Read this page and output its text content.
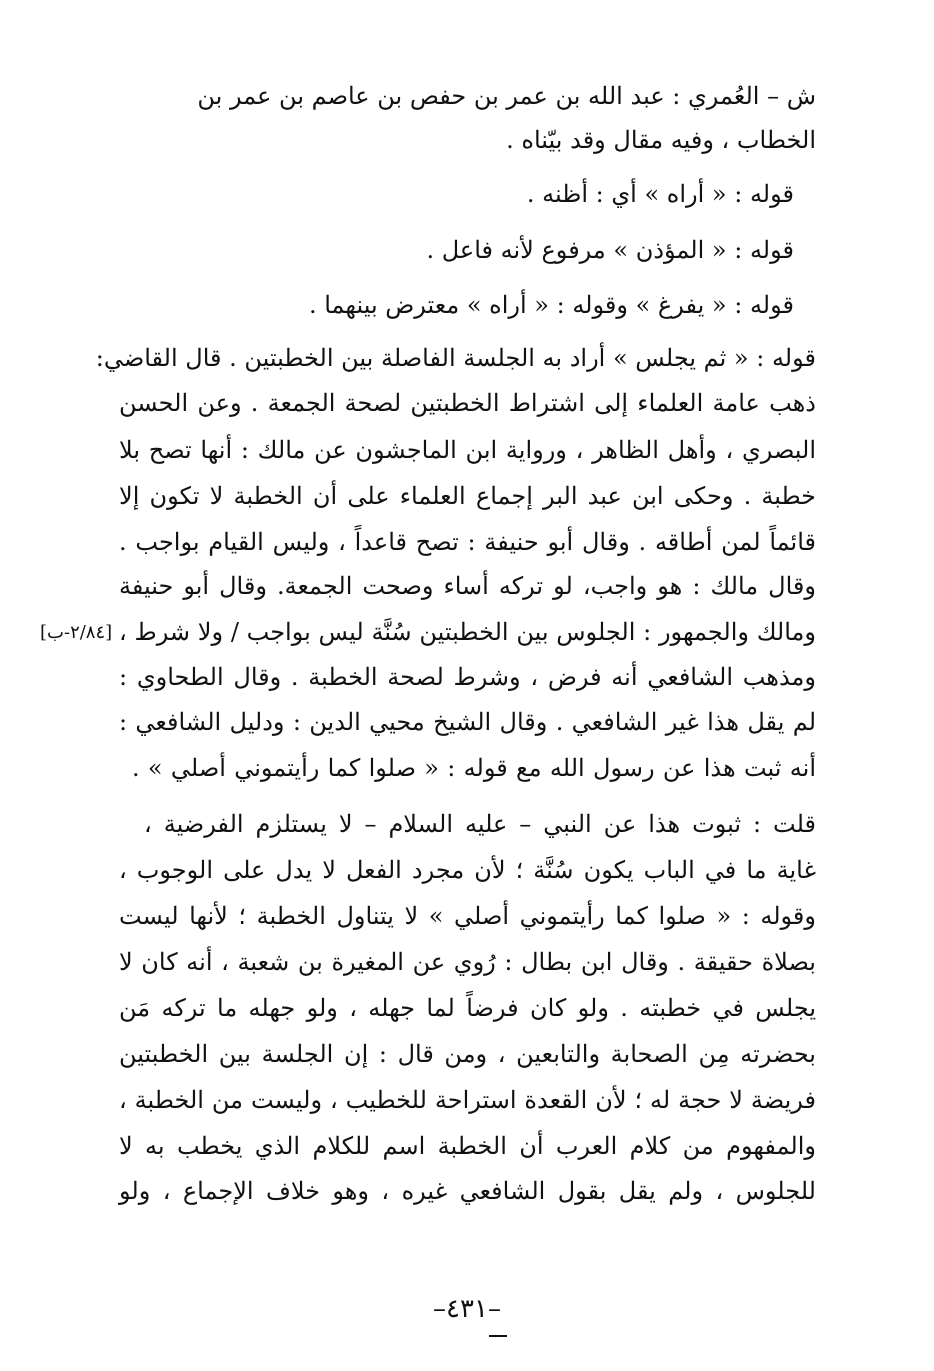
ش – العُمري : عبد الله بن عمر بن حفص بن عاصم بن عمر بن
الخطاب ، وفيه مقال وقد بيّناه .
قوله : « أراه » أي : أظنه .
قوله : « المؤذن » مرفوع لأنه فاعل .
قوله : « يفرغ » وقوله : « أراه » معترض بينهما .
قوله : « ثم يجلس » أراد به الجلسة الفاصلة بين الخطبتين . قال القاضي:
ذهب عامة العلماء إلى اشتراط الخطبتين لصحة الجمعة . وعن الحسن
البصري ، وأهل الظاهر ، ورواية ابن الماجشون عن مالك : أنها تصح بلا
خطبة . وحكى ابن عبد البر إجماع العلماء على أن الخطبة لا تكون إلا
قائماً لمن أطاقه . وقال أبو حنيفة : تصح قاعداً ، وليس القيام بواجب .
وقال مالك : هو واجب، لو تركه أساء وصحت الجمعة. وقال أبو حنيفة
ومالك والجمهور : الجلوس بين الخطبتين سُنَّة ليس بواجب / ولا شرط ،
[٢/٨٤-ب]
ومذهب الشافعي أنه فرض ، وشرط لصحة الخطبة . وقال الطحاوي :
لم يقل هذا غير الشافعي . وقال الشيخ محيي الدين : ودليل الشافعي :
أنه ثبت هذا عن رسول الله مع قوله : « صلوا كما رأيتموني أصلي » .
قلت : ثبوت هذا عن النبي – عليه السلام – لا يستلزم الفرضية ،
غاية ما في الباب يكون سُنَّة ؛ لأن مجرد الفعل لا يدل على الوجوب ،
وقوله : « صلوا كما رأيتموني أصلي » لا يتناول الخطبة ؛ لأنها ليست
بصلاة حقيقة . وقال ابن بطال : رُوي عن المغيرة بن شعبة ، أنه كان لا
يجلس في خطبته . ولو كان فرضاً لما جهله ، ولو جهله ما تركه مَن
بحضرته مِن الصحابة والتابعين ، ومن قال : إن الجلسة بين الخطبتين
فريضة لا حجة له ؛ لأن القعدة استراحة للخطيب ، وليست من الخطبة ،
والمفهوم من كلام العرب أن الخطبة اسم للكلام الذي يخطب به لا
للجلوس ، ولم يقل بقول الشافعي غيره ، وهو خلاف الإجماع ، ولو
–٤٣١–
